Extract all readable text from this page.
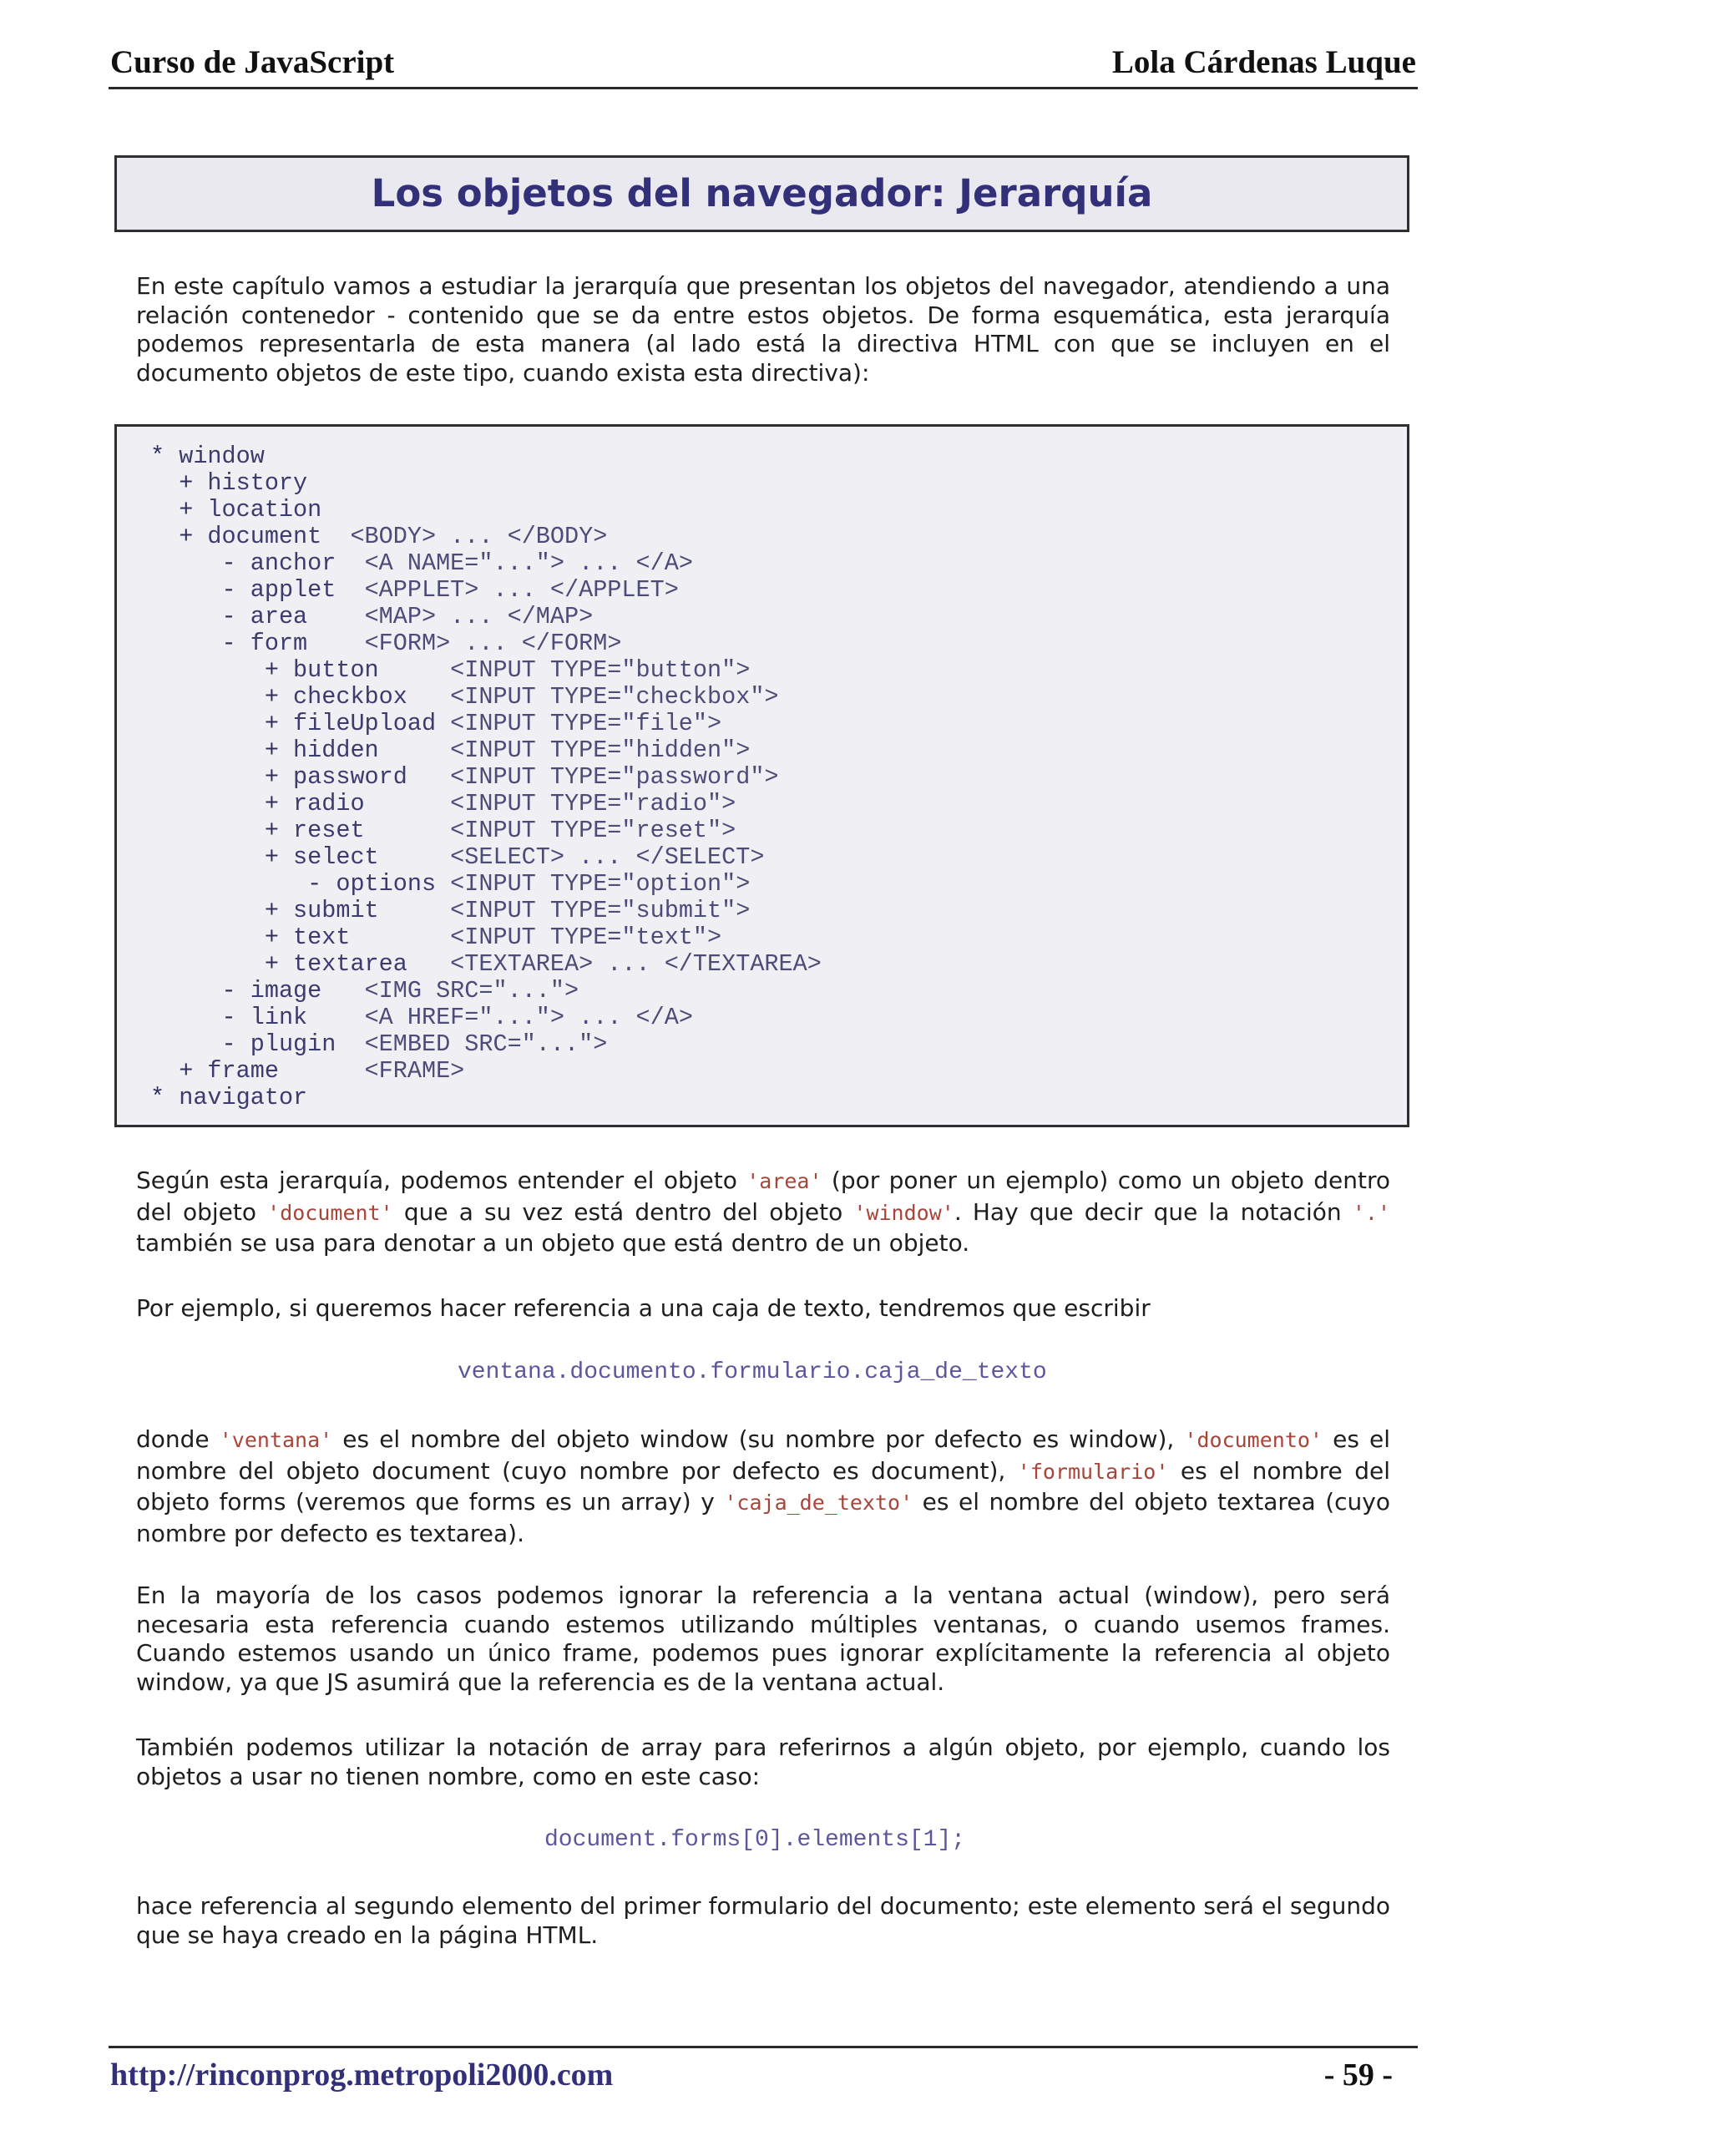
Curso de JavaScript	Lola Cárdenas Luque
Los objetos del navegador: Jerarquía
En este capítulo vamos a estudiar la jerarquía que presentan los objetos del navegador, atendiendo a una relación contenedor - contenido que se da entre estos objetos. De forma esquemática, esta jerarquía podemos representarla de esta manera (al lado está la directiva HTML con que se incluyen en el documento objetos de este tipo, cuando exista esta directiva):
* window
+ history
+ location
+ document  <BODY> ... </BODY>
- anchor  <A NAME="..."> ... </A>
- applet  <APPLET> ... </APPLET>
- area    <MAP> ... </MAP>
- form    <FORM> ... </FORM>
+ button     <INPUT TYPE="button">
+ checkbox   <INPUT TYPE="checkbox">
+ fileUpload <INPUT TYPE="file">
+ hidden     <INPUT TYPE="hidden">
+ password   <INPUT TYPE="password">
+ radio      <INPUT TYPE="radio">
+ reset      <INPUT TYPE="reset">
+ select     <SELECT> ... </SELECT>
- options <INPUT TYPE="option">
+ submit     <INPUT TYPE="submit">
+ text       <INPUT TYPE="text">
+ textarea   <TEXTAREA> ... </TEXTAREA>
- image   <IMG SRC="...">
- link    <A HREF="..."> ... </A>
- plugin  <EMBED SRC="...">
+ frame      <FRAME>
* navigator
Según esta jerarquía, podemos entender el objeto 'area' (por poner un ejemplo) como un objeto dentro del objeto 'document' que a su vez está dentro del objeto 'window'. Hay que decir que la notación '.' también se usa para denotar a un objeto que está dentro de un objeto.
Por ejemplo, si queremos hacer referencia a una caja de texto, tendremos que escribir
ventana.documento.formulario.caja_de_texto
donde 'ventana' es el nombre del objeto window (su nombre por defecto es window), 'documento' es el nombre del objeto document (cuyo nombre por defecto es document), 'formulario' es el nombre del objeto forms (veremos que forms es un array) y 'caja_de_texto' es el nombre del objeto textarea (cuyo nombre por defecto es textarea).
En la mayoría de los casos podemos ignorar la referencia a la ventana actual (window), pero será necesaria esta referencia cuando estemos utilizando múltiples ventanas, o cuando usemos frames. Cuando estemos usando un único frame, podemos pues ignorar explícitamente la referencia al objeto window, ya que JS asumirá que la referencia es de la ventana actual.
También podemos utilizar la notación de array para referirnos a algún objeto, por ejemplo, cuando los objetos a usar no tienen nombre, como en este caso:
document.forms[0].elements[1];
hace referencia al segundo elemento del primer formulario del documento; este elemento será el segundo que se haya creado en la página HTML.
http://rinconprog.metropoli2000.com	- 59 -
